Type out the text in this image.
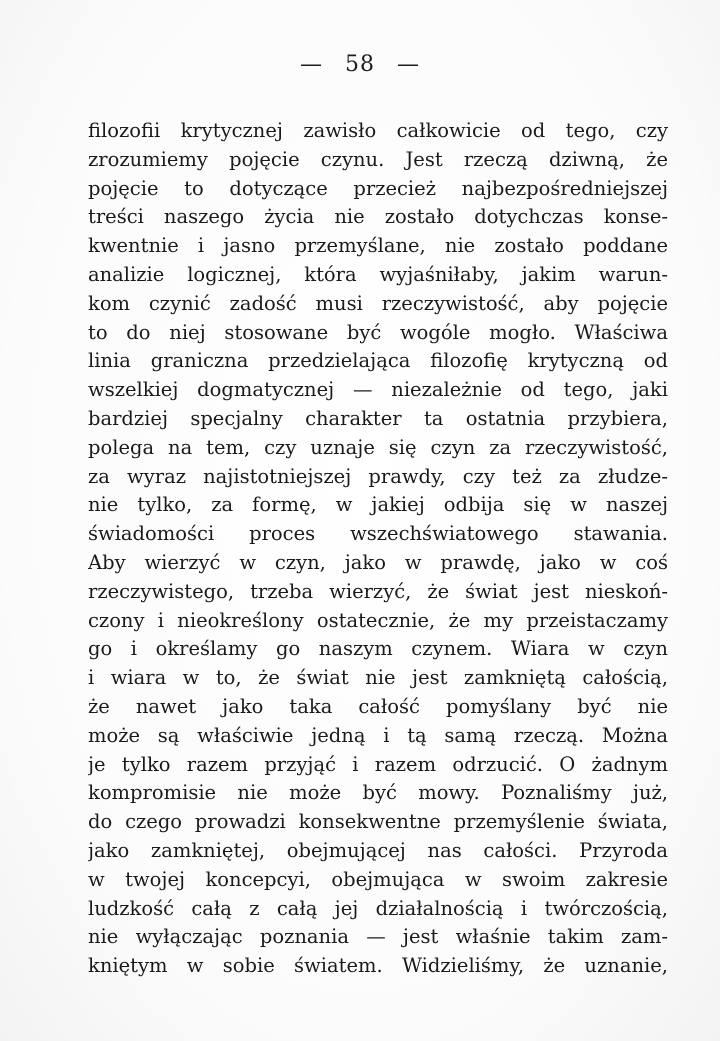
— 58 —
filozofii krytycznej zawisło całkowicie od tego, czy
zrozumiemy pojęcie czynu. Jest rzeczą dziwną, że
pojęcie to dotyczące przecież najbezpośredniejszej
treści naszego życia nie zostało dotychczas konse-
kwentnie i jasno przemyślane, nie zostało poddane
analizie logicznej, która wyjaśniłaby, jakim warun-
kom czynić zadość musi rzeczywistość, aby pojęcie
to do niej stosowane być wogóle mogło. Właściwa
linia graniczna przedzielająca filozofię krytyczną od
wszelkiej dogmatycznej — niezależnie od tego, jaki
bardziej specjalny charakter ta ostatnia przybiera,
polega na tem, czy uznaje się czyn za rzeczywistość,
za wyraz najistotniejszej prawdy, czy też za złudze-
nie tylko, za formę, w jakiej odbija się w naszej
świadomości proces wszechświatowego stawania.
Aby wierzyć w czyn, jako w prawdę, jako w coś
rzeczywistego, trzeba wierzyć, że świat jest nieskoń-
czony i nieokreślony ostatecznie, że my przeistaczamy
go i określamy go naszym czynem. Wiara w czyn
i wiara w to, że świat nie jest zamkniętą całością,
że nawet jako taka całość pomyślany być nie
może są właściwie jedną i tą samą rzeczą. Można
je tylko razem przyjąć i razem odrzucić. O żadnym
kompromisie nie może być mowy. Poznaliśmy już,
do czego prowadzi konsekwentne przemyślenie świata,
jako zamkniętej, obejmującej nas całości. Przyroda
w twojej koncepcyi, obejmująca w swoim zakresie
ludzkość całą z całą jej działalnością i twórczością,
nie wyłączając poznania — jest właśnie takim zam-
kniętym w sobie światem. Widzieliśmy, że uznanie,
